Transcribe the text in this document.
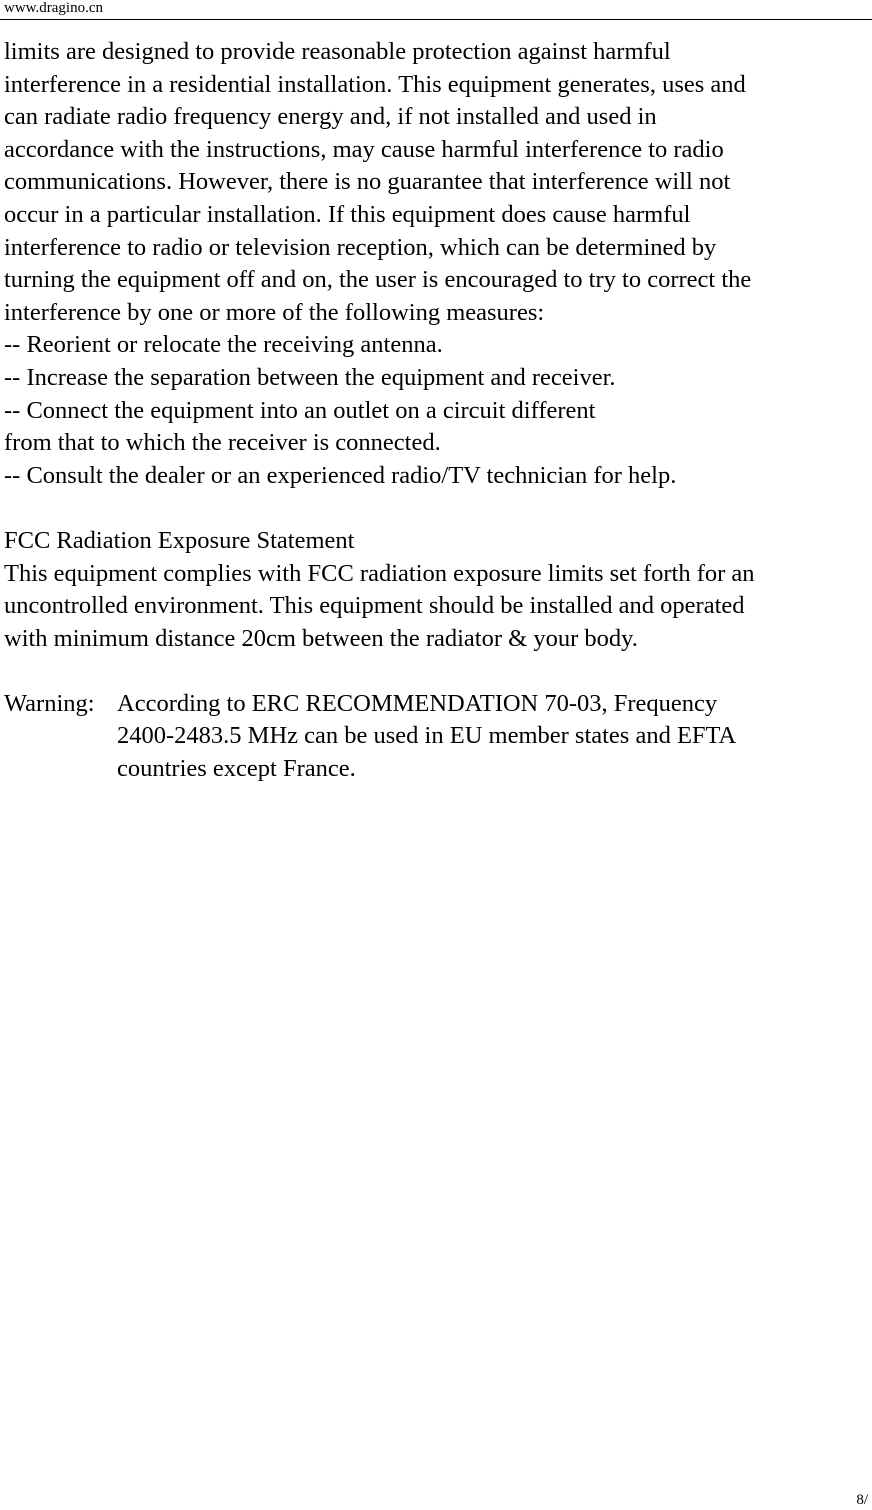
www.dragino.cn
limits are designed to provide reasonable protection against harmful
interference in a residential installation. This equipment generates, uses and
can radiate radio frequency energy and, if not installed and used in
accordance with the instructions, may cause harmful interference to radio
communications. However, there is no guarantee that interference will not
occur in a particular installation. If this equipment does cause harmful
interference to radio or television reception, which can be determined by
turning the equipment off and on, the user is encouraged to try to correct the
interference by one or more of the following measures:
-- Reorient or relocate the receiving antenna.
-- Increase the separation between the equipment and receiver.
-- Connect the equipment into an outlet on a circuit different
from that to which the receiver is connected.
-- Consult the dealer or an experienced radio/TV technician for help.
FCC Radiation Exposure Statement
This equipment complies with FCC radiation exposure limits set forth for an
uncontrolled environment. This equipment should be installed and operated
with minimum distance 20cm between the radiator & your body.
Warning: According to ERC RECOMMENDATION 70-03, Frequency
2400-2483.5 MHz can be used in EU member states and EFTA
countries except France.
8/
